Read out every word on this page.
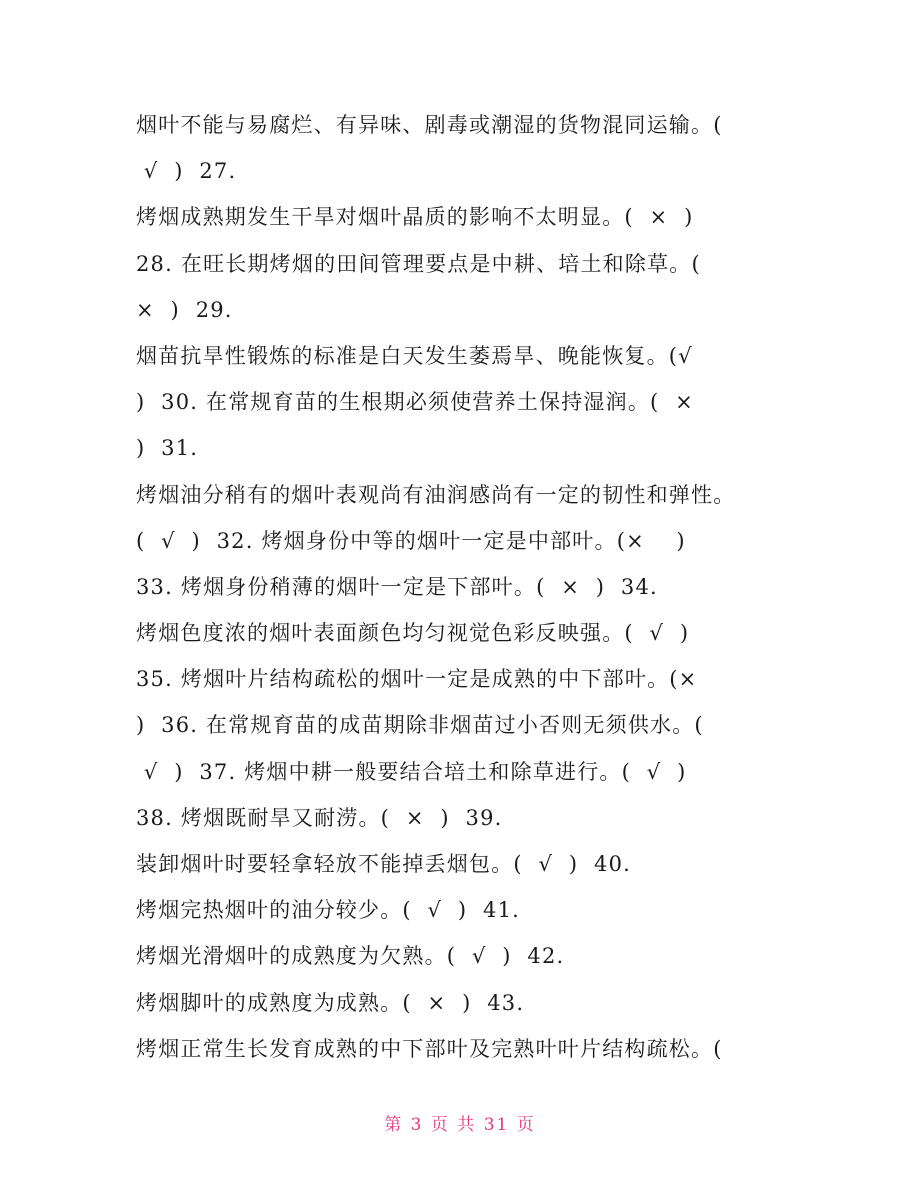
烟叶不能与易腐烂、有异味、剧毒或潮湿的货物混同运输。(
√  )  27.
烤烟成熟期发生干旱对烟叶晶质的影响不太明显。(  ×  )
28. 在旺长期烤烟的田间管理要点是中耕、培土和除草。(
×  )  29.
烟苗抗旱性锻炼的标准是白天发生萎焉旱、晚能恢复。(√
)  30. 在常规育苗的生根期必须使营养土保持湿润。(  ×
)  31.
烤烟油分稍有的烟叶表观尚有油润感尚有一定的韧性和弹性。
(  √  )  32. 烤烟身份中等的烟叶一定是中部叶。(×    )
33. 烤烟身份稍薄的烟叶一定是下部叶。(  ×  )  34.
烤烟色度浓的烟叶表面颜色均匀视觉色彩反映强。(  √  )
35. 烤烟叶片结构疏松的烟叶一定是成熟的中下部叶。(×
)  36. 在常规育苗的成苗期除非烟苗过小否则无须供水。(
√  )  37. 烤烟中耕一般要结合培土和除草进行。(  √  )
38. 烤烟既耐旱又耐涝。(  ×  )  39.
装卸烟叶时要轻拿轻放不能掉丢烟包。(  √  )  40.
烤烟完热烟叶的油分较少。(  √  )  41.
烤烟光滑烟叶的成熟度为欠熟。(  √  )  42.
烤烟脚叶的成熟度为成熟。(  ×  )  43.
烤烟正常生长发育成熟的中下部叶及完熟叶叶片结构疏松。(
第 3 页 共 31 页
